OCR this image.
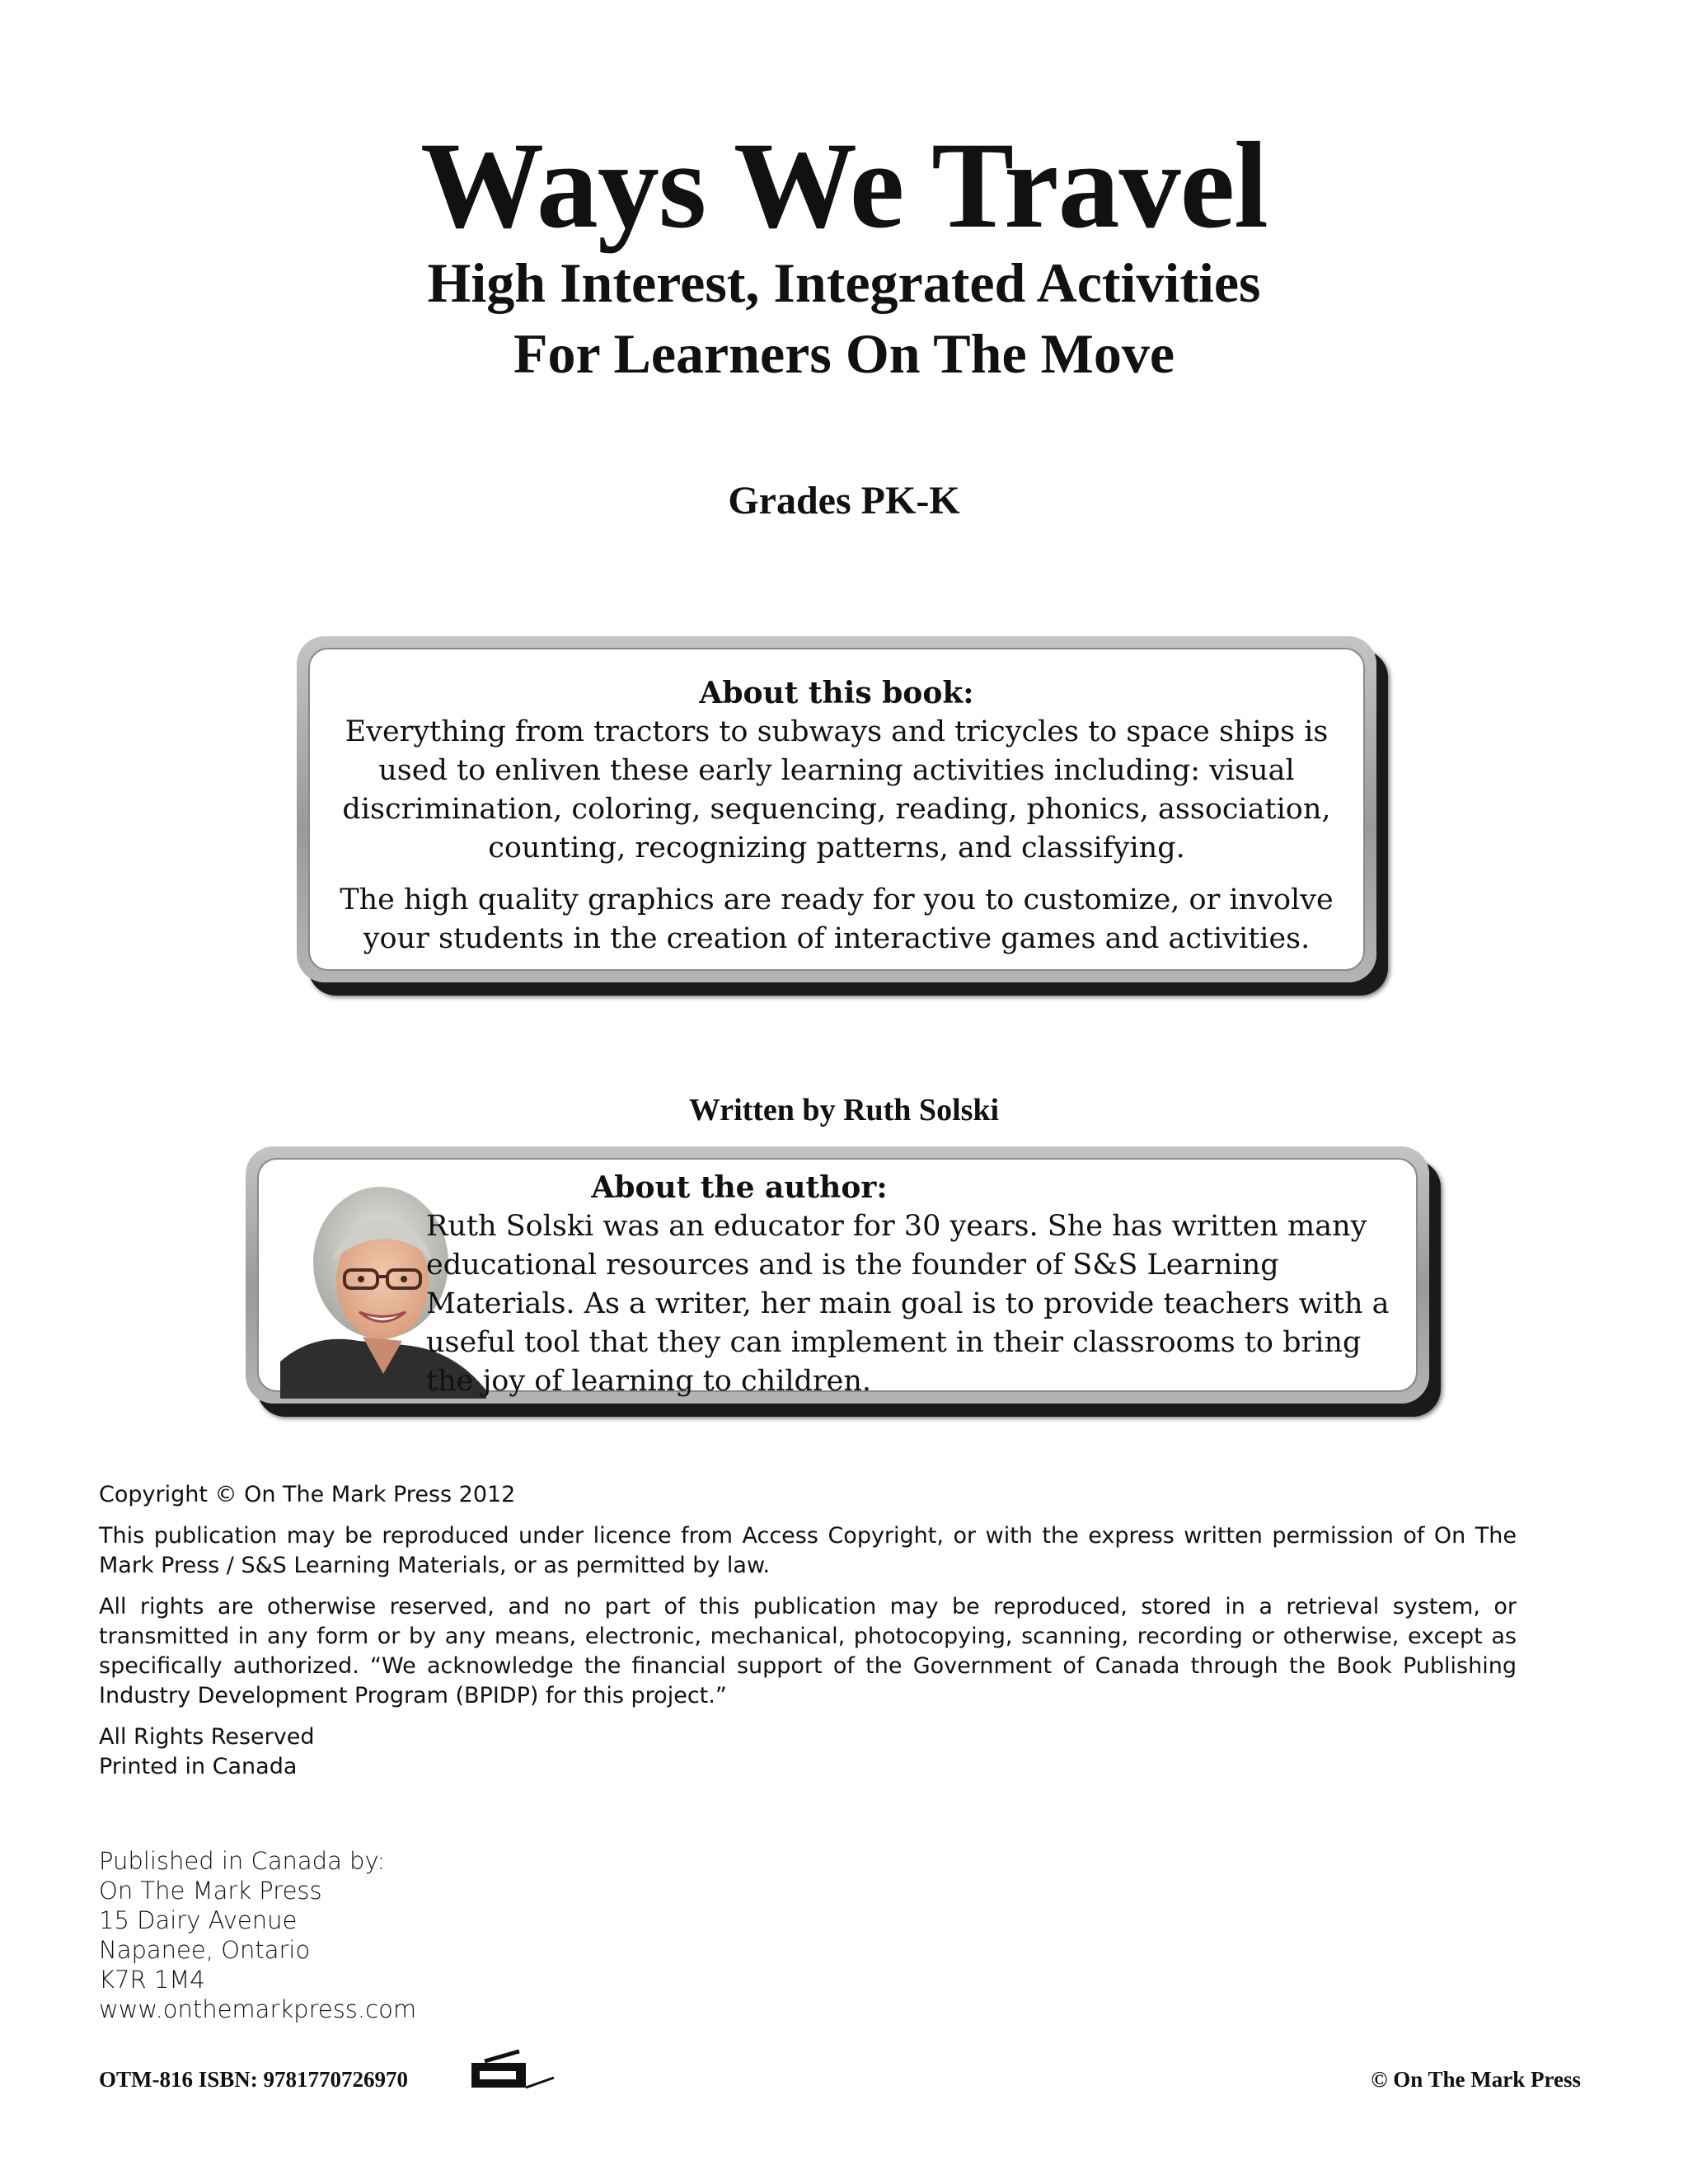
Ways We Travel
High Interest, Integrated Activities
For Learners On The Move
Grades PK-K
About this book:

Everything from tractors to subways and tricycles to space ships is used to enliven these early learning activities including: visual discrimination, coloring, sequencing, reading, phonics, association, counting, recognizing patterns, and classifying.

The high quality graphics are ready for you to customize, or involve your students in the creation of interactive games and activities.

Written by Ruth Solski
About the author:
Ruth Solski was an educator for 30 years. She has written many educational resources and is the founder of S&S Learning Materials. As a writer, her main goal is to provide teachers with a useful tool that they can implement in their classrooms to bring the joy of learning to children.

Copyright © On The Mark Press 2012

This publication may be reproduced under licence from Access Copyright, or with the express written permission of On The Mark Press / S&S Learning Materials, or as permitted by law.

All rights are otherwise reserved, and no part of this publication may be reproduced, stored in a retrieval system, or transmitted in any form or by any means, electronic, mechanical, photocopying, scanning, recording or otherwise, except as specifically authorized. “We acknowledge the financial support of the Government of Canada through the Book Publishing Industry Development Program (BPIDP) for this project.”

All Rights Reserved
Printed in Canada
Published in Canada by:
On The Mark Press
15 Dairy Avenue
Napanee, Ontario
K7R 1M4
www.onthemarkpress.com
OTM-816 ISBN: 9781770726970	© On The Mark Press
